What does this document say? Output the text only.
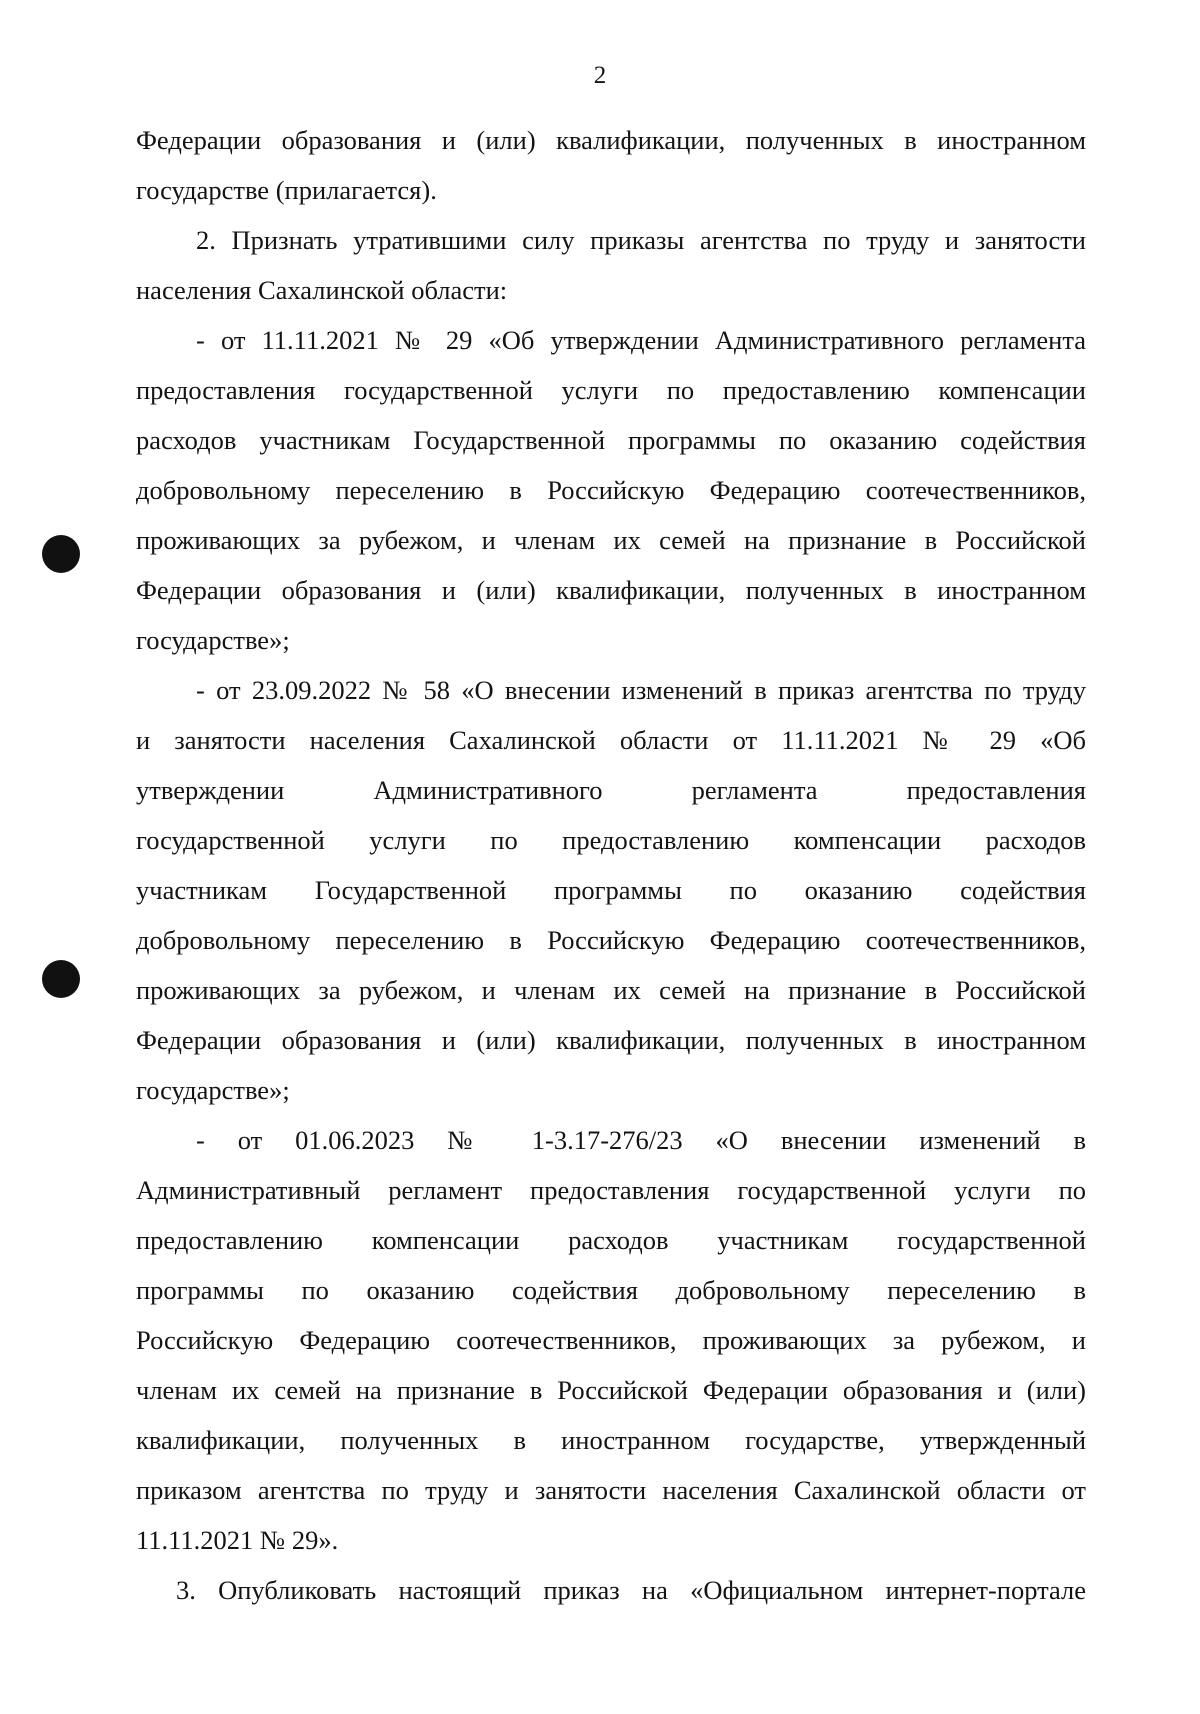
2
Федерации образования и (или) квалификации, полученных в иностранном
государстве (прилагается).
2. Признать утратившими силу приказы агентства по труду и занятости
населения Сахалинской области:
- от 11.11.2021 № 29 «Об утверждении Административного регламента
предоставления государственной услуги по предоставлению компенсации
расходов участникам Государственной программы по оказанию содействия
добровольному переселению в Российскую Федерацию соотечественников,
проживающих за рубежом, и членам их семей на признание в Российской
Федерации образования и (или) квалификации, полученных в иностранном
государстве»;
- от 23.09.2022 № 58 «О внесении изменений в приказ агентства по труду
и занятости населения Сахалинской области от 11.11.2021 № 29 «Об
утверждении Административного регламента предоставления
государственной услуги по предоставлению компенсации расходов
участникам Государственной программы по оказанию содействия
добровольному переселению в Российскую Федерацию соотечественников,
проживающих за рубежом, и членам их семей на признание в Российской
Федерации образования и (или) квалификации, полученных в иностранном
государстве»;
- от 01.06.2023 № 1-3.17-276/23 «О внесении изменений в
Административный регламент предоставления государственной услуги по
предоставлению компенсации расходов участникам государственной
программы по оказанию содействия добровольному переселению в
Российскую Федерацию соотечественников, проживающих за рубежом, и
членам их семей на признание в Российской Федерации образования и (или)
квалификации, полученных в иностранном государстве, утвержденный
приказом агентства по труду и занятости населения Сахалинской области от
11.11.2021 № 29».
3. Опубликовать настоящий приказ на «Официальном интернет-портале
